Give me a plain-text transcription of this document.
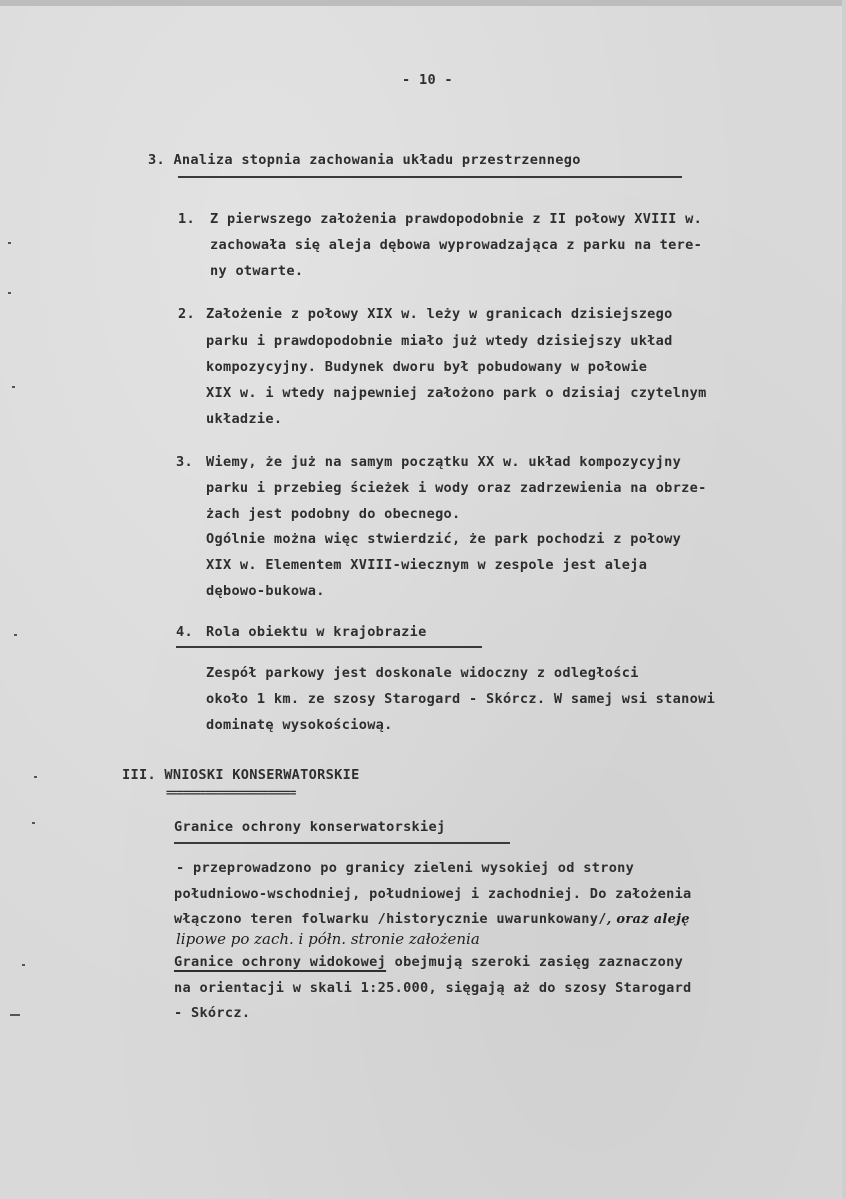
- 10 -
3. Analiza stopnia zachowania układu przestrzennego
1. Z pierwszego założenia prawdopodobnie z II połowy XVIII w.
zachowała się aleja dębowa wyprowadzająca z parku na tere-
ny otwarte.
2. Założenie z połowy XIX w. leży w granicach dzisiejszego
parku i prawdopodobnie miało już wtedy dzisiejszy układ
kompozycyjny. Budynek dworu był pobudowany w połowie
XIX w. i wtedy najpewniej założono park o dzisiaj czytelnym
układzie.
3. Wiemy, że już na samym początku XX w. układ kompozycyjny
parku i przebieg ścieżek i wody oraz zadrzewienia na obrze-
żach jest podobny do obecnego.
Ogólnie można więc stwierdzić, że park pochodzi z połowy
XIX w. Elementem XVIII-wiecznym w zespole jest aleja
dębowo-bukowa.
4. Rola obiektu w krajobrazie
Zespół parkowy jest doskonale widoczny z odległości
około 1 km. ze szosy Starogard - Skórcz. W samej wsi stanowi
dominatę wysokościową.
III. WNIOSKI KONSERWATORSKIE
=======================
Granice ochrony konserwatorskiej
- przeprowadzono po granicy zieleni wysokiej od strony
południowo-wschodniej, południowej i zachodniej. Do założenia
włączono teren folwarku /historycznie uwarunkowany/, oraz aleję
lipowe po zach. i półn. stronie założenia
Granice ochrony widokowej obejmują szeroki zasięg zaznaczony
na orientacji w skali 1:25.000, sięgają aż do szosy Starogard
- Skórcz.
